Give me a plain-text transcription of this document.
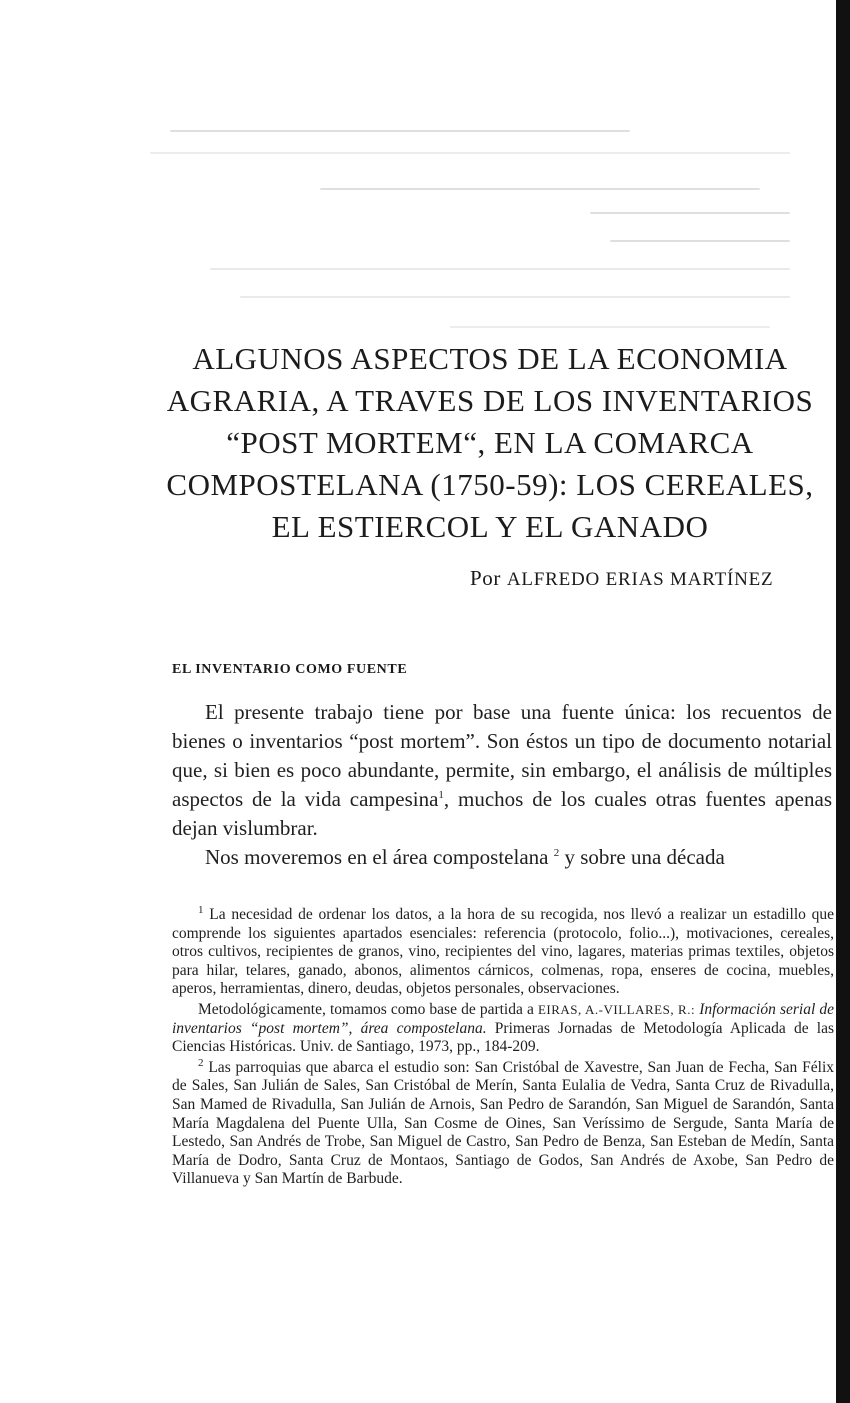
ALGUNOS ASPECTOS DE LA ECONOMIA
AGRARIA, A TRAVES DE LOS INVENTARIOS
“POST MORTEM“, EN LA COMARCA
COMPOSTELANA (1750-59): LOS CEREALES,
EL ESTIERCOL Y EL GANADO
Por ALFREDO ERIAS MARTÍNEZ
EL INVENTARIO COMO FUENTE

El presente trabajo tiene por base una fuente única: los recuentos de bienes o inventarios “post mortem”. Son éstos un tipo de documento notarial que, si bien es poco abundante, permite, sin embargo, el análisis de múltiples aspectos de la vida campesina$^1$, muchos de los cuales otras fuentes apenas dejan vislumbrar.

Nos moveremos en el área compostelana $^2$ y sobre una década

$^1$ La necesidad de ordenar los datos, a la hora de su recogida, nos llevó a realizar un estadillo que comprende los siguientes apartados esenciales: referencia (protocolo, folio...), motivaciones, cereales, otros cultivos, recipientes de granos, vino, recipientes del vino, lagares, materias primas textiles, objetos para hilar, telares, ganado, abonos, alimentos cárnicos, colmenas, ropa, enseres de cocina, muebles, aperos, herramientas, dinero, deudas, objetos personales, observaciones.

Metodológicamente, tomamos como base de partida a EIRAS, A.-VILLARES, R.: Información serial de inventarios “post mortem”, área compostelana. Primeras Jornadas de Metodología Aplicada de las Ciencias Históricas. Univ. de Santiago, 1973, pp., 184-209.

$^2$ Las parroquias que abarca el estudio son: San Cristóbal de Xavestre, San Juan de Fecha, San Félix de Sales, San Julián de Sales, San Cristóbal de Merín, Santa Eulalia de Vedra, Santa Cruz de Rivadulla, San Mamed de Rivadulla, San Julián de Arnois, San Pedro de Sarandón, San Miguel de Sarandón, Santa María Magdalena del Puente Ulla, San Cosme de Oines, San Veríssimo de Sergude, Santa María de Lestedo, San Andrés de Trobe, San Miguel de Castro, San Pedro de Benza, San Esteban de Medín, Santa María de Dodro, Santa Cruz de Montaos, Santiago de Godos, San Andrés de Axobe, San Pedro de Villanueva y San Martín de Barbude.
